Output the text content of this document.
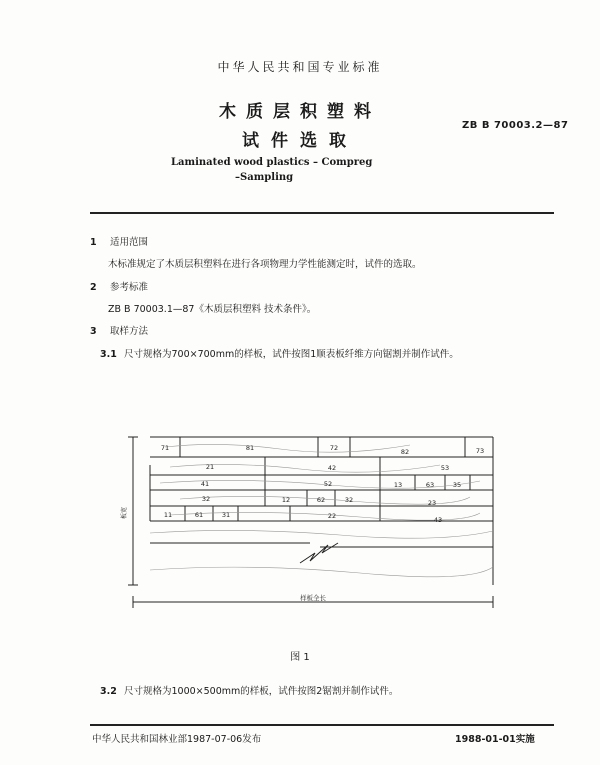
中华人民共和国专业标准
木质层积塑料
试件选取
ZB B 70003.2—87
Laminated wood plastics – Compreg
–Sampling
1 适用范围
木标准规定了木质层积塑料在进行各项物理力学性能测定时，试件的选取。
2 参考标准
ZB B 70003.1—87《木质层积塑料 技术条件》。
3 取样方法
3.1 尺寸规格为700×700mm的样板，试件按图1顺表板纤维方向锯割并制作试件。
71	81	72	82	73
21	42	53
41	52	13	63	35
32	12	62	32	23
11	61	31	22	43
板宽
样板全长
图 1
3.2 尺寸规格为1000×500mm的样板，试件按图2锯割并制作试件。
中华人民共和国林业部1987-07-06发布	1988-01-01实施
